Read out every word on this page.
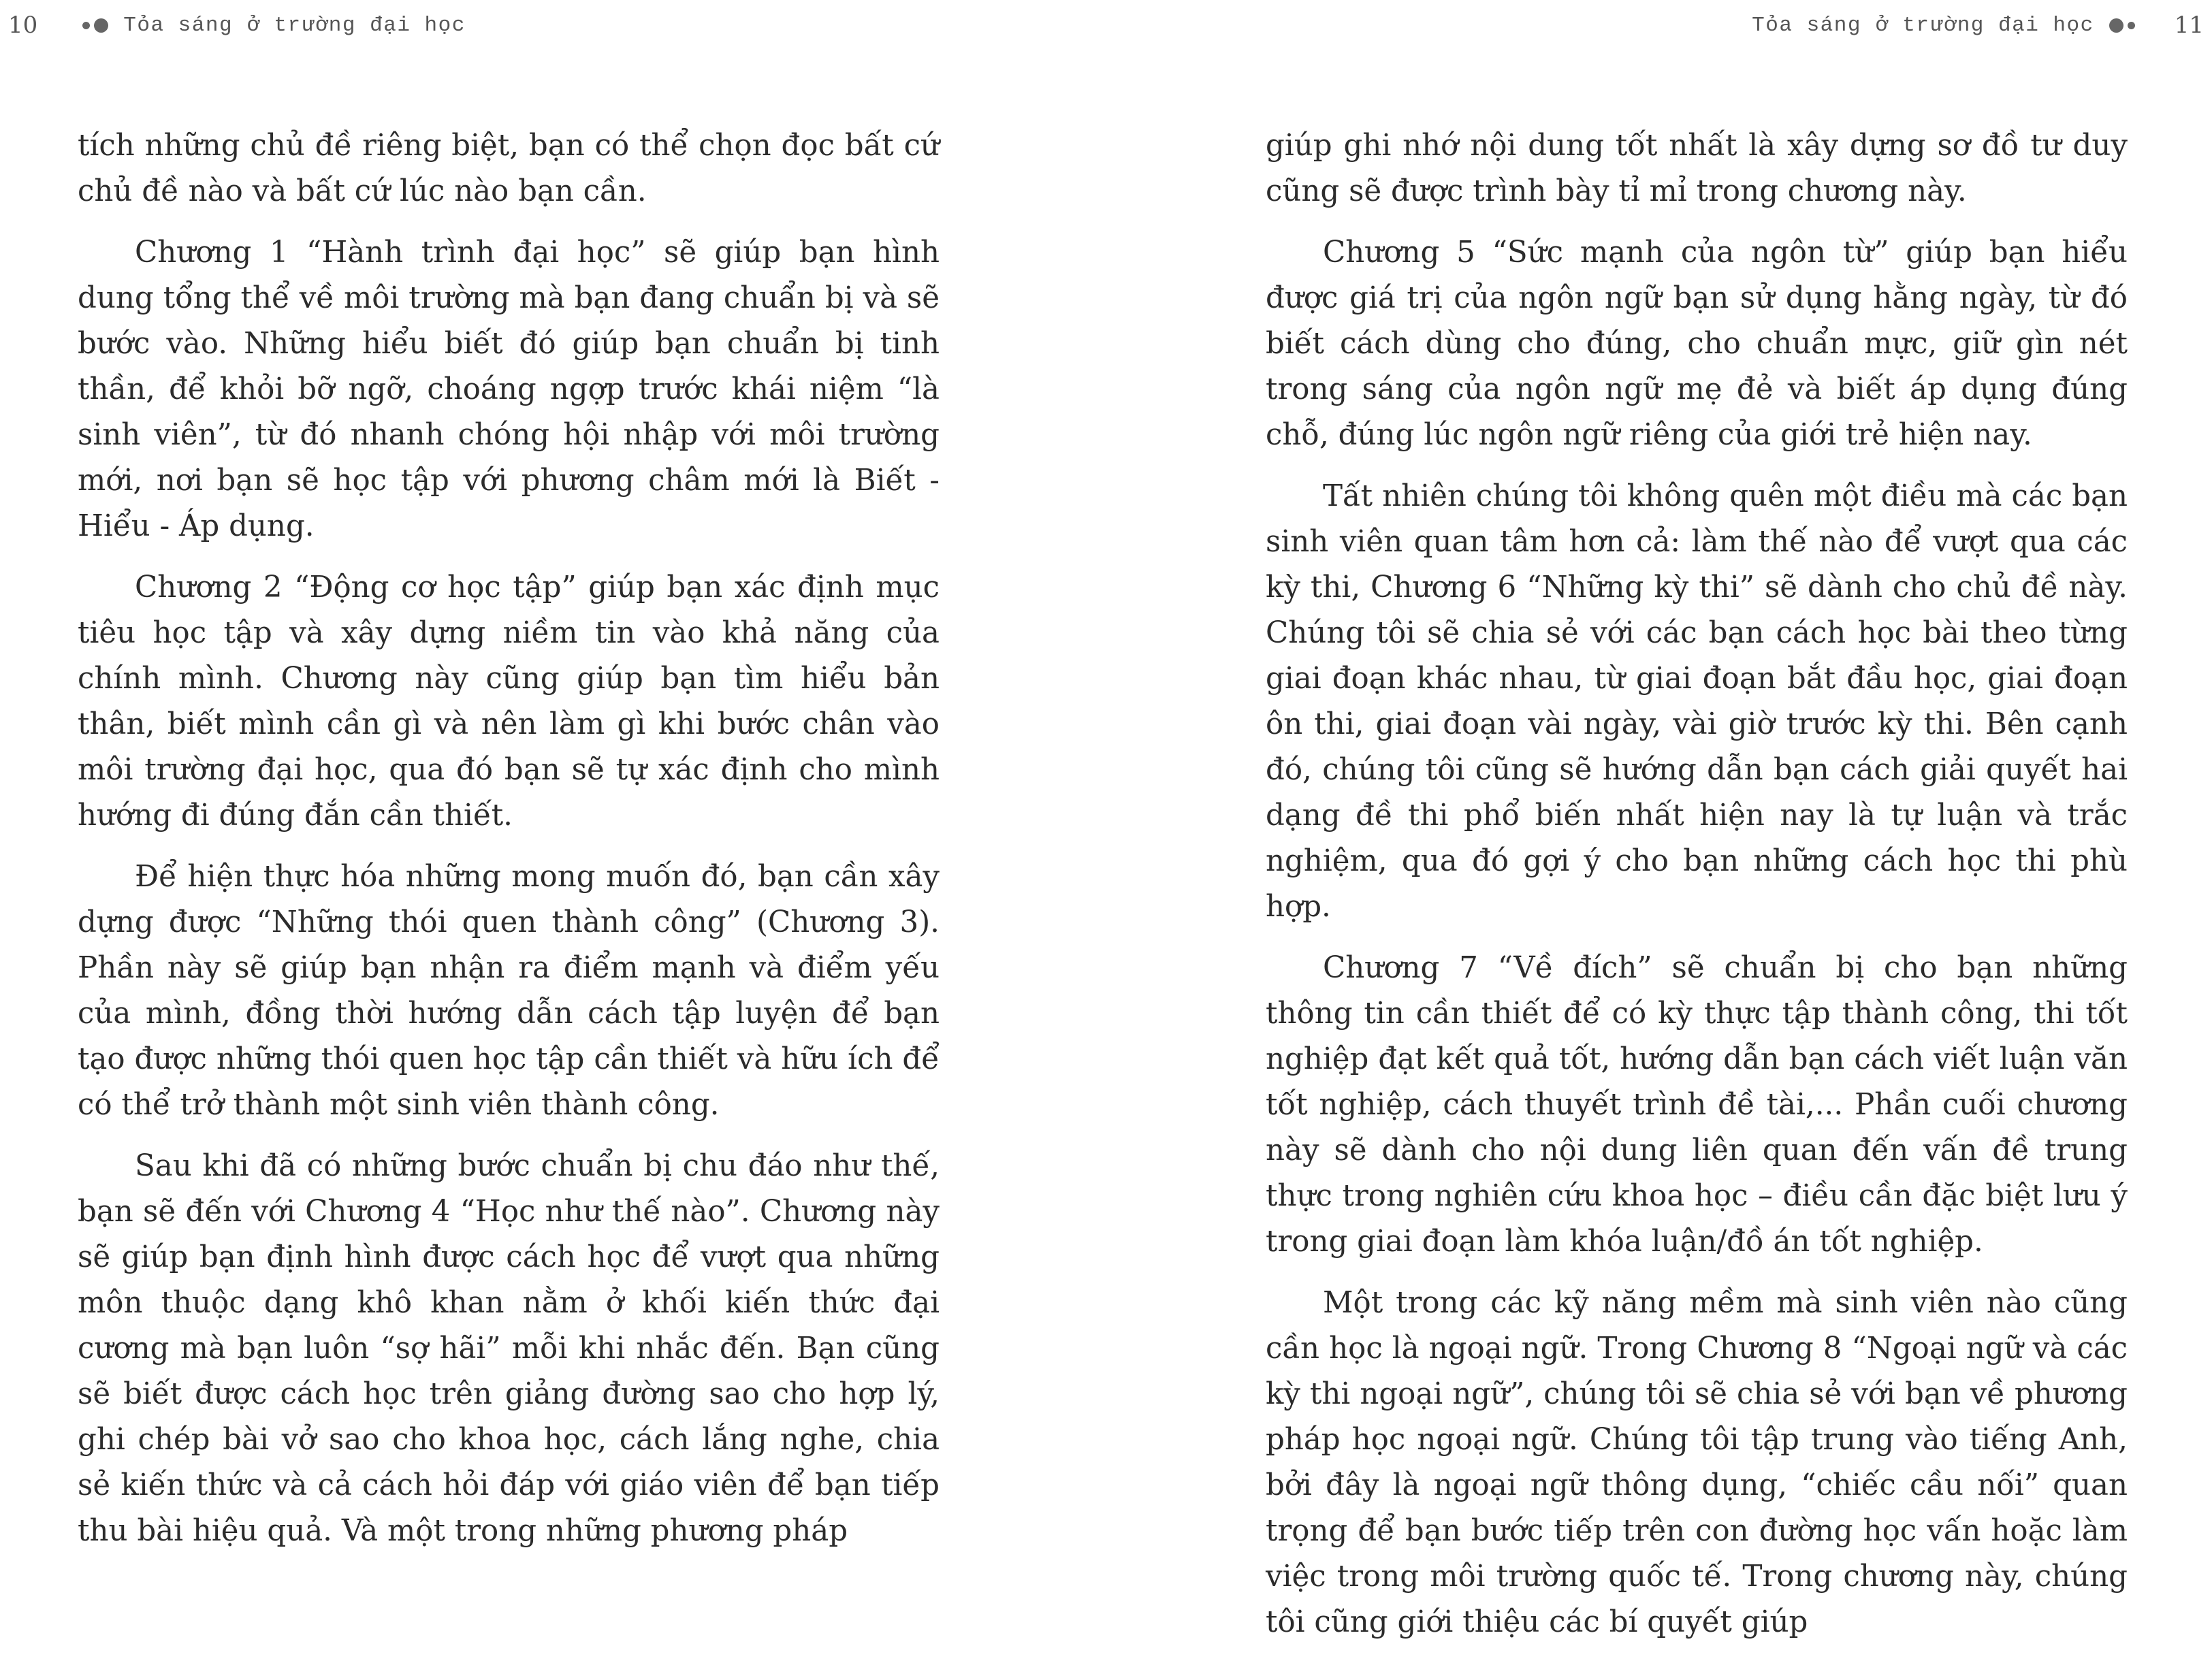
10	Tỏa sáng ở trường đại học

tích những chủ đề riêng biệt, bạn có thể chọn đọc bất cứ chủ đề nào và bất cứ lúc nào bạn cần.

Chương 1 “Hành trình đại học” sẽ giúp bạn hình dung tổng thể về môi trường mà bạn đang chuẩn bị và sẽ bước vào. Những hiểu biết đó giúp bạn chuẩn bị tinh thần, để khỏi bỡ ngỡ, choáng ngợp trước khái niệm “là sinh viên”, từ đó nhanh chóng hội nhập với môi trường mới, nơi bạn sẽ học tập với phương châm mới là Biết - Hiểu - Áp dụng.

Chương 2 “Động cơ học tập” giúp bạn xác định mục tiêu học tập và xây dựng niềm tin vào khả năng của chính mình. Chương này cũng giúp bạn tìm hiểu bản thân, biết mình cần gì và nên làm gì khi bước chân vào môi trường đại học, qua đó bạn sẽ tự xác định cho mình hướng đi đúng đắn cần thiết.

Để hiện thực hóa những mong muốn đó, bạn cần xây dựng được “Những thói quen thành công” (Chương 3). Phần này sẽ giúp bạn nhận ra điểm mạnh và điểm yếu của mình, đồng thời hướng dẫn cách tập luyện để bạn tạo được những thói quen học tập cần thiết và hữu ích để có thể trở thành một sinh viên thành công.

Sau khi đã có những bước chuẩn bị chu đáo như thế, bạn sẽ đến với Chương 4 “Học như thế nào”. Chương này sẽ giúp bạn định hình được cách học để vượt qua những môn thuộc dạng khô khan nằm ở khối kiến thức đại cương mà bạn luôn “sợ hãi” mỗi khi nhắc đến. Bạn cũng sẽ biết được cách học trên giảng đường sao cho hợp lý, ghi chép bài vở sao cho khoa học, cách lắng nghe, chia sẻ kiến thức và cả cách hỏi đáp với giáo viên để bạn tiếp thu bài hiệu quả. Và một trong những phương pháp

Tỏa sáng ở trường đại học	11

giúp ghi nhớ nội dung tốt nhất là xây dựng sơ đồ tư duy cũng sẽ được trình bày tỉ mỉ trong chương này.

Chương 5 “Sức mạnh của ngôn từ” giúp bạn hiểu được giá trị của ngôn ngữ bạn sử dụng hằng ngày, từ đó biết cách dùng cho đúng, cho chuẩn mực, giữ gìn nét trong sáng của ngôn ngữ mẹ đẻ và biết áp dụng đúng chỗ, đúng lúc ngôn ngữ riêng của giới trẻ hiện nay.

Tất nhiên chúng tôi không quên một điều mà các bạn sinh viên quan tâm hơn cả: làm thế nào để vượt qua các kỳ thi, Chương 6 “Những kỳ thi” sẽ dành cho chủ đề này. Chúng tôi sẽ chia sẻ với các bạn cách học bài theo từng giai đoạn khác nhau, từ giai đoạn bắt đầu học, giai đoạn ôn thi, giai đoạn vài ngày, vài giờ trước kỳ thi. Bên cạnh đó, chúng tôi cũng sẽ hướng dẫn bạn cách giải quyết hai dạng đề thi phổ biến nhất hiện nay là tự luận và trắc nghiệm, qua đó gợi ý cho bạn những cách học thi phù hợp.

Chương 7 “Về đích” sẽ chuẩn bị cho bạn những thông tin cần thiết để có kỳ thực tập thành công, thi tốt nghiệp đạt kết quả tốt, hướng dẫn bạn cách viết luận văn tốt nghiệp, cách thuyết trình đề tài,... Phần cuối chương này sẽ dành cho nội dung liên quan đến vấn đề trung thực trong nghiên cứu khoa học – điều cần đặc biệt lưu ý trong giai đoạn làm khóa luận/đồ án tốt nghiệp.

Một trong các kỹ năng mềm mà sinh viên nào cũng cần học là ngoại ngữ. Trong Chương 8 “Ngoại ngữ và các kỳ thi ngoại ngữ”, chúng tôi sẽ chia sẻ với bạn về phương pháp học ngoại ngữ. Chúng tôi tập trung vào tiếng Anh, bởi đây là ngoại ngữ thông dụng, “chiếc cầu nối” quan trọng để bạn bước tiếp trên con đường học vấn hoặc làm việc trong môi trường quốc tế. Trong chương này, chúng tôi cũng giới thiệu các bí quyết giúp
